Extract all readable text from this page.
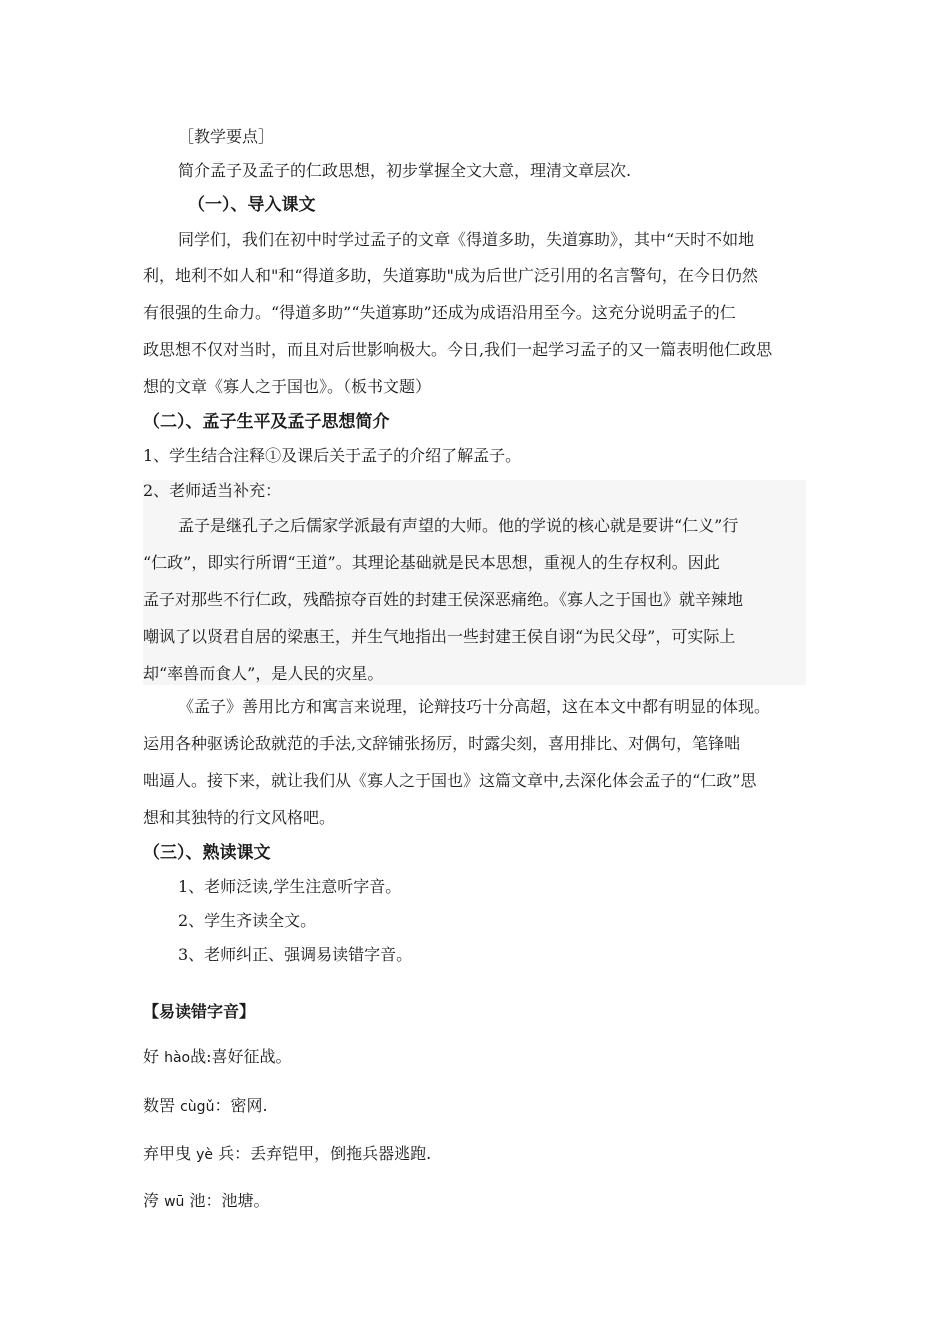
［教学要点］
简介孟子及孟子的仁政思想，初步掌握全文大意，理清文章层次.
（一）、导入课文
同学们，我们在初中时学过孟子的文章《得道多助，失道寡助》，其中“天时不如地
利，地利不如人和"和“得道多助，失道寡助"成为后世广泛引用的名言警句，在今日仍然
有很强的生命力。“得道多助”“失道寡助”还成为成语沿用至今。这充分说明孟子的仁
政思想不仅对当时，而且对后世影响极大。今日,我们一起学习孟子的又一篇表明他仁政思
想的文章《寡人之于国也》。（板书文题）
（二）、孟子生平及孟子思想简介
1、学生结合注释①及课后关于孟子的介绍了解孟子。
2、老师适当补充：
孟子是继孔子之后儒家学派最有声望的大师。他的学说的核心就是要讲“仁义”行
“仁政”，即实行所谓“王道”。其理论基础就是民本思想，重视人的生存权利。因此
孟子对那些不行仁政，残酷掠夺百姓的封建王侯深恶痛绝。《寡人之于国也》就辛辣地
嘲讽了以贤君自居的梁惠王，并生气地指出一些封建王侯自诩“为民父母”，可实际上
却“率兽而食人”，是人民的灾星。
《孟子》善用比方和寓言来说理，论辩技巧十分高超，这在本文中都有明显的体现。
运用各种驱诱论敌就范的手法,文辞铺张扬厉，时露尖刻，喜用排比、对偶句，笔锋咄
咄逼人。接下来，就让我们从《寡人之于国也》这篇文章中,去深化体会孟子的“仁政”思
想和其独特的行文风格吧。
（三）、熟读课文
1、老师泛读,学生注意听字音。
2、学生齐读全文。
3、老师纠正、强调易读错字音。
【易读错字音】
好 hào战:喜好征战。
数罟 cùgǔ：密网.
弃甲曳 yè 兵：丢弃铠甲，倒拖兵器逃跑.
洿 wū 池：池塘。
